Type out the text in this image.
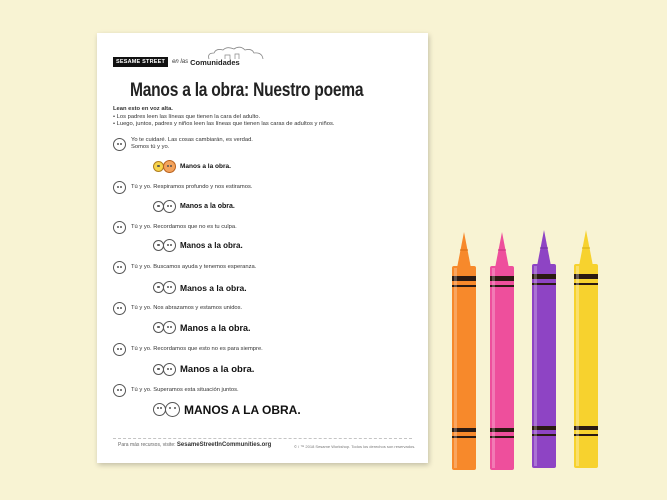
SESAME STREET	en las Comunidades
Manos a la obra: Nuestro poema
Lean esto en voz alta.
• Los padres leen las líneas que tienen la cara del adulto.
• Luego, juntos, padres y niños leen las líneas que tienen las caras de adultos y niños.
Yo te cuidaré. Las cosas cambiarán, es verdad.
Somos tú y yo.
Manos a la obra.
Tú y yo. Respiramos profundo y nos estiramos.
Manos a la obra.
Tú y yo. Recordamos que no es tu culpa.
Manos a la obra.
Tú y yo. Buscamos ayuda y tenemos esperanza.
Manos a la obra.
Tú y yo. Nos abrazamos y estamos unidos.
Manos a la obra.
Tú y yo. Recordamos que esto no es para siempre.
Manos a la obra.
Tú y yo. Superamos esta situación juntos.
MANOS A LA OBRA.
Para más recursos, visite: SesameStreetInCommunities.org	© / ™ 2018 Sesame Workshop. Todos los derechos son reservados.
